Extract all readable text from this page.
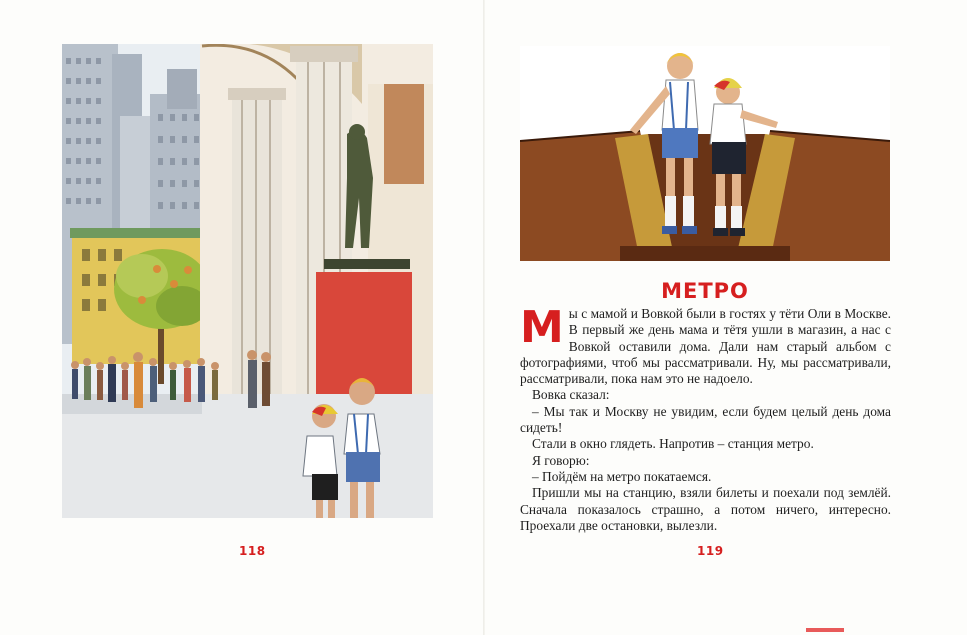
118
МЕТРО

Мы с мамой и Вовкой были в гостях у тёти Оли в Москве. В первый же день мама и тётя ушли в магазин, а нас с Вовкой оставили дома. Дали нам старый альбом с фотографиями, чтоб мы рассматривали. Ну, мы рассматривали, рассматривали, пока нам это не надоело.

Вовка сказал:

– Мы так и Москву не увидим, если будем целый день дома сидеть!

Стали в окно глядеть. Напротив – станция метро.

Я говорю:

– Пойдём на метро покатаемся.

Пришли мы на станцию, взяли билеты и поехали под землёй. Сначала показалось страшно, а потом ничего, интересно. Проехали две остановки, вылезли.

119
